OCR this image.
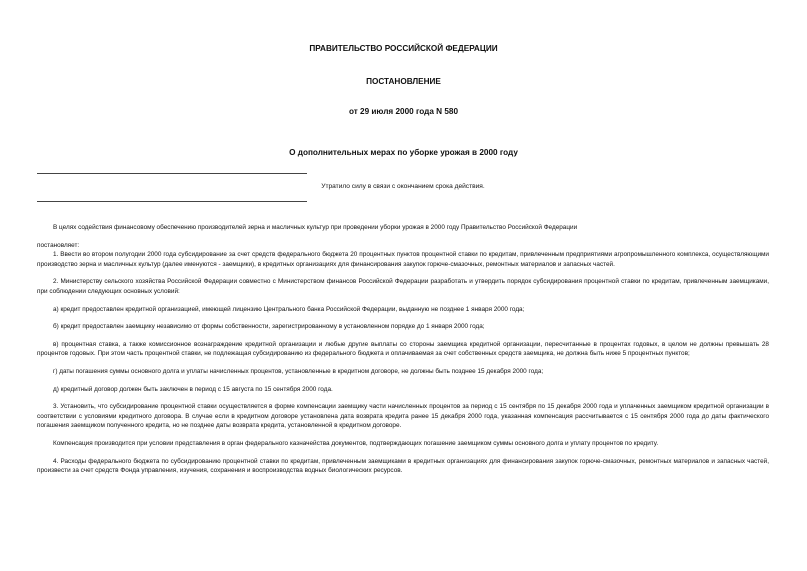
ПРАВИТЕЛЬСТВО РОССИЙСКОЙ ФЕДЕРАЦИИ
ПОСТАНОВЛЕНИЕ
от 29 июля 2000 года N 580
О дополнительных мерах по уборке урожая в 2000 году
Утратило силу в связи с окончанием срока действия.

В целях содействия финансовому обеспечению производителей зерна и масличных культур при проведении уборки урожая в 2000 году Правительство Российской Федерации

постановляет:

1. Ввести во втором полугодии 2000 года субсидирование за счет средств федерального бюджета 20 процентных пунктов процентной ставки по кредитам, привлеченным предприятиями агропромышленного комплекса, осуществляющими производство зерна и масличных культур (далее именуются - заемщики), в кредитных организациях для финансирования закупок горюче-смазочных, ремонтных материалов и запасных частей.

2. Министерству сельского хозяйства Российской Федерации совместно с Министерством финансов Российской Федерации разработать и утвердить порядок субсидирования процентной ставки по кредитам, привлеченным заемщиками, при соблюдении следующих основных условий:

а) кредит предоставлен кредитной организацией, имеющей лицензию Центрального банка Российской Федерации, выданную не позднее 1 января 2000 года;

б) кредит предоставлен заемщику независимо от формы собственности, зарегистрированному в установленном порядке до 1 января 2000 года;

в) процентная ставка, а также комиссионное вознаграждение кредитной организации и любые другие выплаты со стороны заемщика кредитной организации, пересчитанные в процентах годовых, в целом не должны превышать 28 процентов годовых. При этом часть процентной ставки, не подлежащая субсидированию из федерального бюджета и оплачиваемая за счет собственных средств заемщика, не должна быть ниже 5 процентных пунктов;

г) даты погашения суммы основного долга и уплаты начисленных процентов, установленные в кредитном договоре, не должны быть позднее 15 декабря 2000 года;

д) кредитный договор должен быть заключен в период с 15 августа по 15 сентября 2000 года.

3. Установить, что субсидирование процентной ставки осуществляется в форме компенсации заемщику части начисленных процентов за период с 15 сентября по 15 декабря 2000 года и уплаченных заемщиком кредитной организации в соответствии с условиями кредитного договора. В случае если в кредитном договоре установлена дата возврата кредита ранее 15 декабря 2000 года, указанная компенсация рассчитывается с 15 сентября 2000 года до даты фактического погашения заемщиком полученного кредита, но не позднее даты возврата кредита, установленной в кредитном договоре.

Компенсация производится при условии представления в орган федерального казначейства документов, подтверждающих погашение заемщиком суммы основного долга и уплату процентов по кредиту.

4. Расходы федерального бюджета по субсидированию процентной ставки по кредитам, привлеченным заемщиками в кредитных организациях для финансирования закупок горюче-смазочных, ремонтных материалов и запасных частей, произвести за счет средств Фонда управления, изучения, сохранения и воспроизводства водных биологических ресурсов.
